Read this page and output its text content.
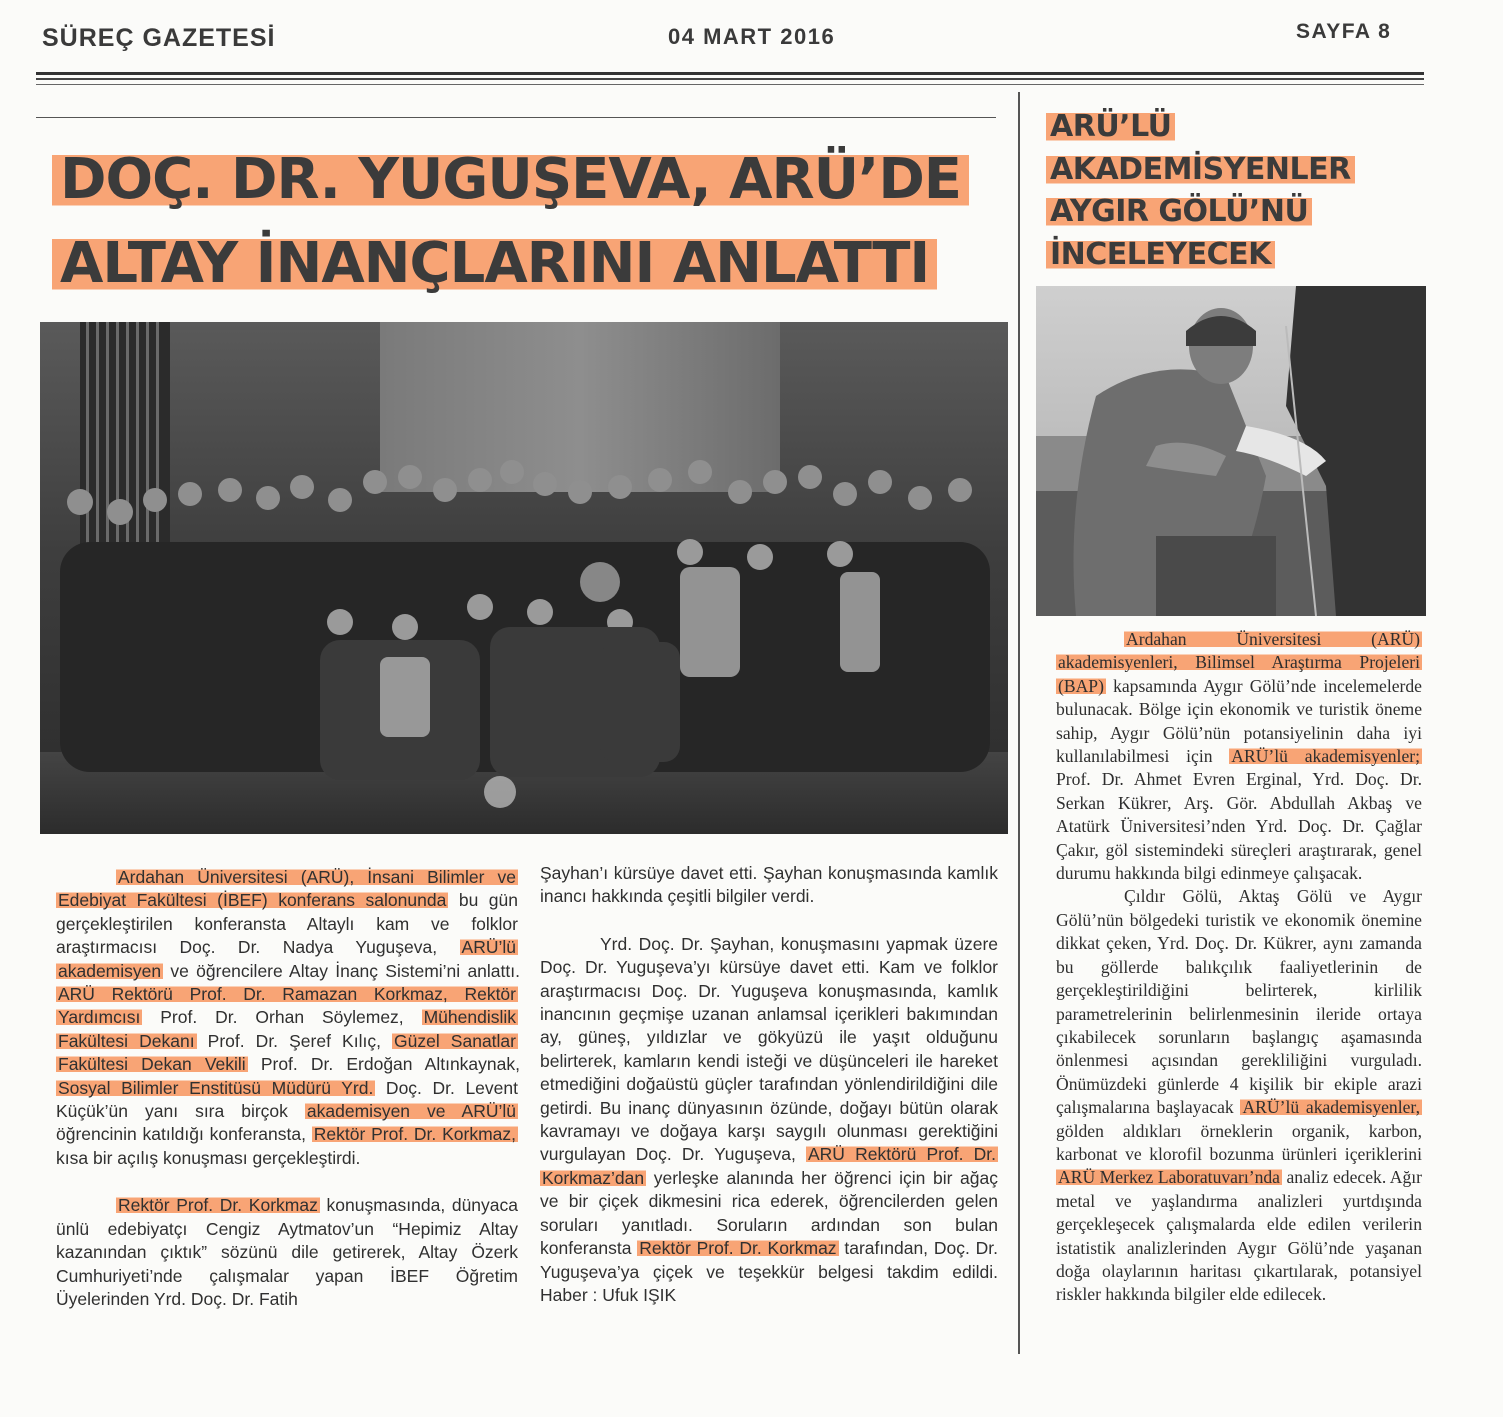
SÜREÇ GAZETESİ	04 MART 2016	SAYFA 8
DOÇ. DR. YUGUŞEVA, ARÜ’DE
ALTAY İNANÇLARINI ANLATTI

Ardahan Üniversitesi (ARÜ), İnsani Bilimler ve Edebiyat Fakültesi (İBEF) konferans salonunda bu gün gerçekleştirilen konferansta Altaylı kam ve folklor araştırmacısı Doç. Dr. Nadya Yuguşeva, ARÜ’lü akademisyen ve öğrencilere Altay İnanç Sistemi’ni anlattı. ARÜ Rektörü Prof. Dr. Ramazan Korkmaz, Rektör Yardımcısı Prof. Dr. Orhan Söylemez, Mühendislik Fakültesi Dekanı Prof. Dr. Şeref Kılıç, Güzel Sanatlar Fakültesi Dekan Vekili Prof. Dr. Erdoğan Altınkaynak, Sosyal Bilimler Enstitüsü Müdürü Yrd. Doç. Dr. Levent Küçük’ün yanı sıra birçok akademisyen ve ARÜ’lü öğrencinin katıldığı konferansta, Rektör Prof. Dr. Korkmaz, kısa bir açılış konuşması gerçekleştirdi.

Rektör Prof. Dr. Korkmaz konuşmasında, dünyaca ünlü edebiyatçı Cengiz Aytmatov’un “Hepimiz Altay kazanından çıktık” sözünü dile getirerek, Altay Özerk Cumhuriyeti’nde çalışmalar yapan İBEF Öğretim Üyelerinden Yrd. Doç. Dr. Fatih

Şayhan’ı kürsüye davet etti. Şayhan konuşmasında kamlık inancı hakkında çeşitli bilgiler verdi.

Yrd. Doç. Dr. Şayhan, konuşmasını yapmak üzere Doç. Dr. Yuguşeva’yı kürsüye davet etti. Kam ve folklor araştırmacısı Doç. Dr. Yuguşeva konuşmasında, kamlık inancının geçmişe uzanan anlamsal içerikleri bakımından ay, güneş, yıldızlar ve gökyüzü ile yaşıt olduğunu belirterek, kamların kendi isteği ve düşünceleri ile hareket etmediğini doğaüstü güçler tarafından yönlendirildiğini dile getirdi. Bu inanç dünyasının özünde, doğayı bütün olarak kavramayı ve doğaya karşı saygılı olunması gerektiğini vurgulayan Doç. Dr. Yuguşeva, ARÜ Rektörü Prof. Dr. Korkmaz’dan yerleşke alanında her öğrenci için bir ağaç ve bir çiçek dikmesini rica ederek, öğrencilerden gelen soruları yanıtladı. Soruların ardından son bulan konferansta Rektör Prof. Dr. Korkmaz tarafından, Doç. Dr. Yuguşeva’ya çiçek ve teşekkür belgesi takdim edildi. Haber : Ufuk IŞIK

ARÜ’LÜ
AKADEMİSYENLER
AYGIR GÖLÜ’NÜ
İNCELEYECEK

Ardahan Üniversitesi (ARÜ) akademisyenleri, Bilimsel Araştırma Projeleri (BAP) kapsamında Aygır Gölü’nde incelemelerde bulunacak. Bölge için ekonomik ve turistik öneme sahip, Aygır Gölü’nün potansiyelinin daha iyi kullanılabilmesi için ARÜ’lü akademisyenler; Prof. Dr. Ahmet Evren Erginal, Yrd. Doç. Dr. Serkan Kükrer, Arş. Gör. Abdullah Akbaş ve Atatürk Üniversitesi’nden Yrd. Doç. Dr. Çağlar Çakır, göl sistemindeki süreçleri araştırarak, genel durumu hakkında bilgi edinmeye çalışacak.

Çıldır Gölü, Aktaş Gölü ve Aygır Gölü’nün bölgedeki turistik ve ekonomik önemine dikkat çeken, Yrd. Doç. Dr. Kükrer, aynı zamanda bu göllerde balıkçılık faaliyetlerinin de gerçekleştirildiğini belirterek, kirlilik parametrelerinin belirlenmesinin ileride ortaya çıkabilecek sorunların başlangıç aşamasında önlenmesi açısından gerekliliğini vurguladı. Önümüzdeki günlerde 4 kişilik bir ekiple arazi çalışmalarına başlayacak ARÜ’lü akademisyenler, gölden aldıkları örneklerin organik, karbon, karbonat ve klorofil bozunma ürünleri içeriklerini ARÜ Merkez Laboratuvarı’nda analiz edecek. Ağır metal ve yaşlandırma analizleri yurtdışında gerçekleşecek çalışmalarda elde edilen verilerin istatistik analizlerinden Aygır Gölü’nde yaşanan doğa olaylarının haritası çıkartılarak, potansiyel riskler hakkında bilgiler elde edilecek.
